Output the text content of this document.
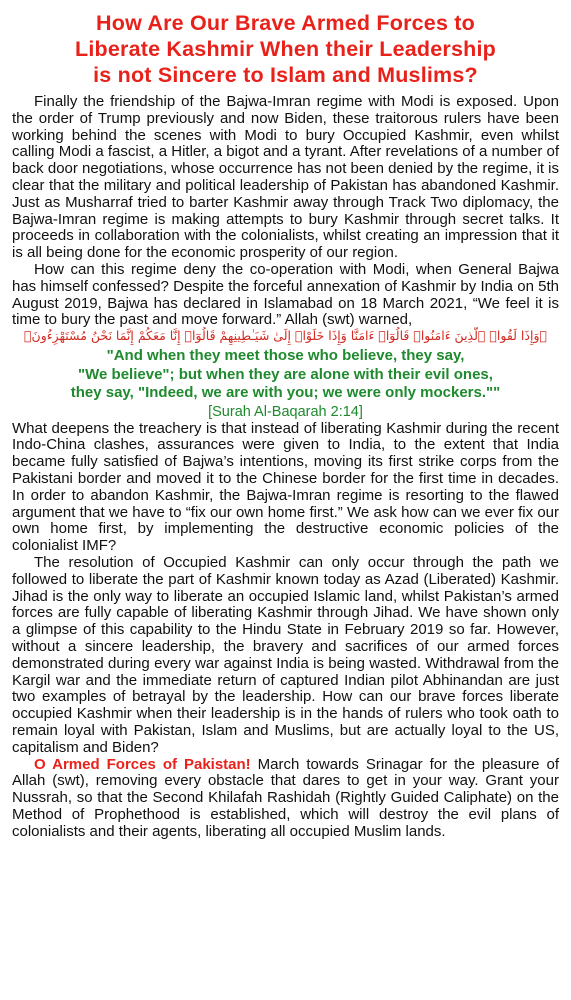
How Are Our Brave Armed Forces to
Liberate Kashmir When their Leadership
is not Sincere to Islam and Muslims?

Finally the friendship of the Bajwa-Imran regime with Modi is exposed. Upon the order of Trump previously and now Biden, these traitorous rulers have been working behind the scenes with Modi to bury Occupied Kashmir, even whilst calling Modi a fascist, a Hitler, a bigot and a tyrant. After revelations of a number of back door negotiations, whose occurrence has not been denied by the regime, it is clear that the military and political leadership of Pakistan has abandoned Kashmir. Just as Musharraf tried to barter Kashmir away through Track Two diplomacy, the Bajwa-Imran regime is making attempts to bury Kashmir through secret talks. It proceeds in collaboration with the colonialists, whilst creating an impression that it is all being done for the economic prosperity of our region.

How can this regime deny the co-operation with Modi, when General Bajwa has himself confessed? Despite the forceful annexation of Kashmir by India on 5th August 2019, Bajwa has declared in Islamabad on 18 March 2021, “We feel it is time to bury the past and move forward.” Allah (swt) warned,

﴿وَإِذَا لَقُوا۟ ٱلَّذِينَ ءَامَنُوا۟ قَالُوٓا۟ ءَامَنَّا وَإِذَا خَلَوْا۟ إِلَىٰ شَيَـٰطِينِهِمْ قَالُوٓا۟ إِنَّا مَعَكُمْ إِنَّمَا نَحْنُ مُسْتَهْزِءُونَ﴾
"And when they meet those who believe, they say,
"We believe"; but when they are alone with their evil ones,
they say, "Indeed, we are with you; we were only mockers.""
[Surah Al-Baqarah 2:14]

What deepens the treachery is that instead of liberating Kashmir during the recent Indo-China clashes, assurances were given to India, to the extent that India became fully satisfied of Bajwa’s intentions, moving its first strike corps from the Pakistani border and moved it to the Chinese border for the first time in decades. In order to abandon Kashmir, the Bajwa-Imran regime is resorting to the flawed argument that we have to “fix our own home first.” We ask how can we ever fix our own home first, by implementing the destructive economic policies of the colonialist IMF?

The resolution of Occupied Kashmir can only occur through the path we followed to liberate the part of Kashmir known today as Azad (Liberated) Kashmir. Jihad is the only way to liberate an occupied Islamic land, whilst Pakistan’s armed forces are fully capable of liberating Kashmir through Jihad. We have shown only a glimpse of this capability to the Hindu State in February 2019 so far. However, without a sincere leadership, the bravery and sacrifices of our armed forces demonstrated during every war against India is being wasted. Withdrawal from the Kargil war and the immediate return of captured Indian pilot Abhinandan are just two examples of betrayal by the leadership. How can our brave forces liberate occupied Kashmir when their leadership is in the hands of rulers who took oath to remain loyal with Pakistan, Islam and Muslims, but are actually loyal to the US, capitalism and Biden?

O Armed Forces of Pakistan! March towards Srinagar for the pleasure of Allah (swt), removing every obstacle that dares to get in your way. Grant your Nussrah, so that the Second Khilafah Rashidah (Rightly Guided Caliphate) on the Method of Prophethood is established, which will destroy the evil plans of colonialists and their agents, liberating all occupied Muslim lands.
